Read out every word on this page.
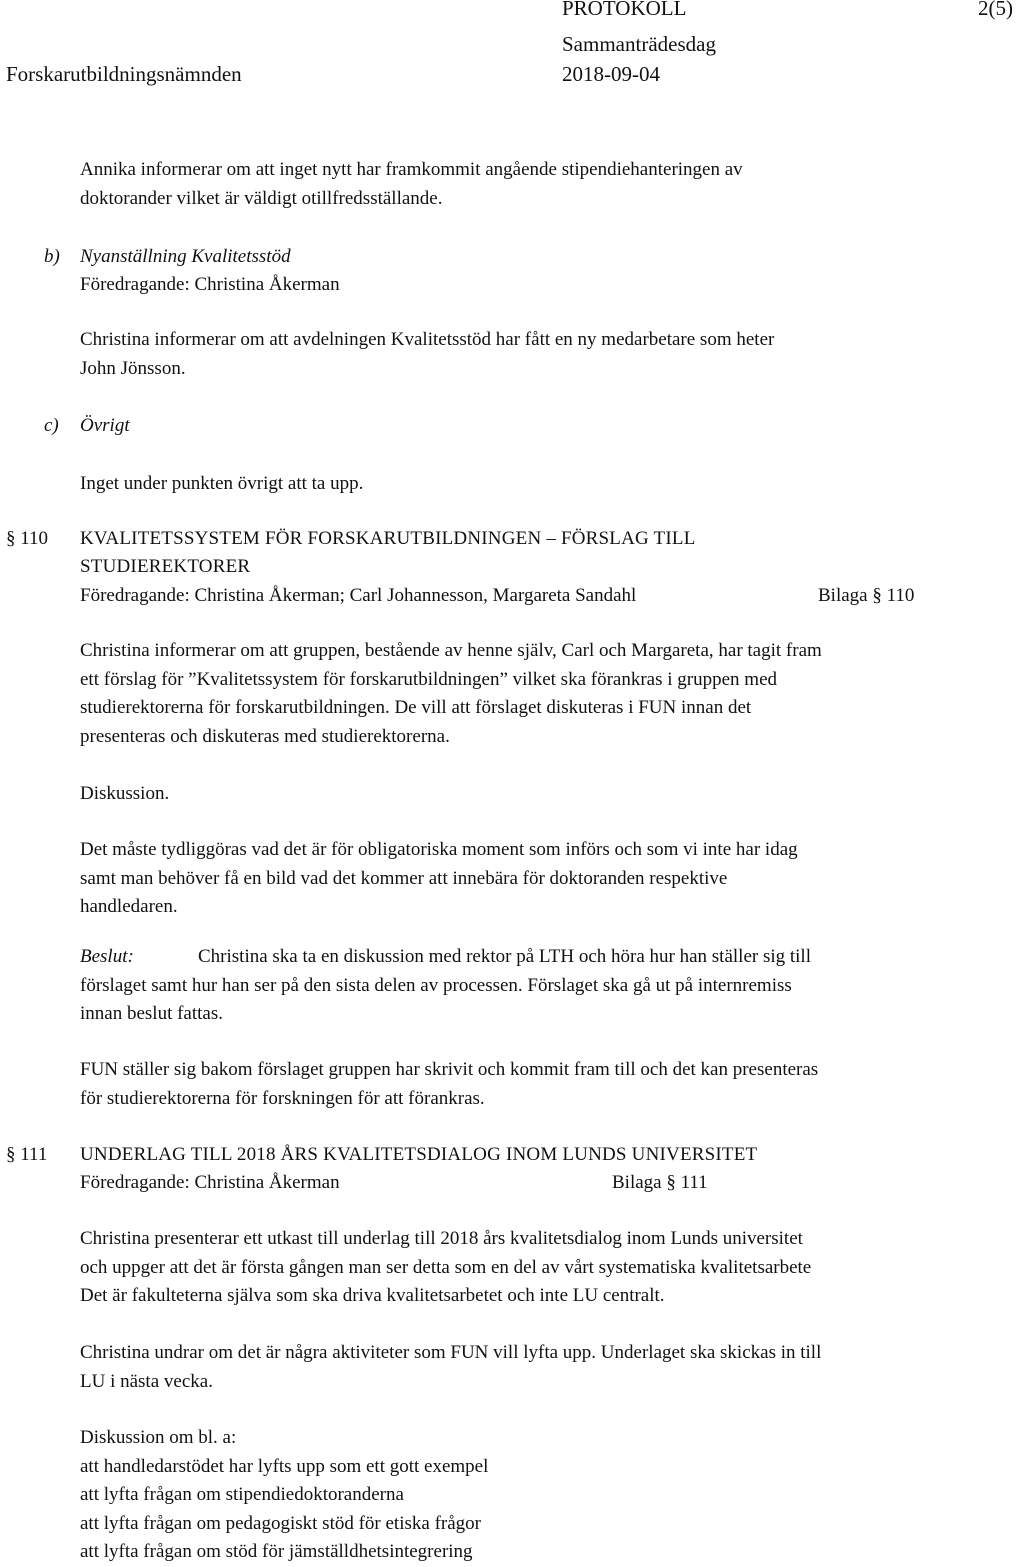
PROTOKOLL	2(5)
Sammanträdesdag
Forskarutbildningsnämnden	2018-09-04
Annika informerar om att inget nytt har framkommit angående stipendiehanteringen av
doktorander vilket är väldigt otillfredsställande.
b) Nyanställning Kvalitetsstöd
Föredragande: Christina Åkerman
Christina informerar om att avdelningen Kvalitetsstöd har fått en ny medarbetare som heter
John Jönsson.
c) Övrigt
Inget under punkten övrigt att ta upp.
§ 110 KVALITETSSYSTEM FÖR FORSKARUTBILDNINGEN – FÖRSLAG TILL
STUDIEREKTORER
Föredragande: Christina Åkerman; Carl Johannesson, Margareta Sandahl	Bilaga § 110
Christina informerar om att gruppen, bestående av henne själv, Carl och Margareta, har tagit fram
ett förslag för ”Kvalitetssystem för forskarutbildningen” vilket ska förankras i gruppen med
studierektorerna för forskarutbildningen. De vill att förslaget diskuteras i FUN innan det
presenteras och diskuteras med studierektorerna.
Diskussion.
Det måste tydliggöras vad det är för obligatoriska moment som införs och som vi inte har idag
samt man behöver få en bild vad det kommer att innebära för doktoranden respektive
handledaren.
Beslut:	Christina ska ta en diskussion med rektor på LTH och höra hur han ställer sig till
förslaget samt hur han ser på den sista delen av processen. Förslaget ska gå ut på internremiss
innan beslut fattas.
FUN ställer sig bakom förslaget gruppen har skrivit och kommit fram till och det kan presenteras
för studierektorerna för forskningen för att förankras.
§ 111 UNDERLAG TILL 2018 ÅRS KVALITETSDIALOG INOM LUNDS UNIVERSITET
Föredragande: Christina Åkerman	Bilaga § 111
Christina presenterar ett utkast till underlag till 2018 års kvalitetsdialog inom Lunds universitet
och uppger att det är första gången man ser detta som en del av vårt systematiska kvalitetsarbete
Det är fakulteterna själva som ska driva kvalitetsarbetet och inte LU centralt.
Christina undrar om det är några aktiviteter som FUN vill lyfta upp. Underlaget ska skickas in till
LU i nästa vecka.
Diskussion om bl. a:
att handledarstödet har lyfts upp som ett gott exempel
att lyfta frågan om stipendiedoktoranderna
att lyfta frågan om pedagogiskt stöd för etiska frågor
att lyfta frågan om stöd för jämställdhetsintegrering
